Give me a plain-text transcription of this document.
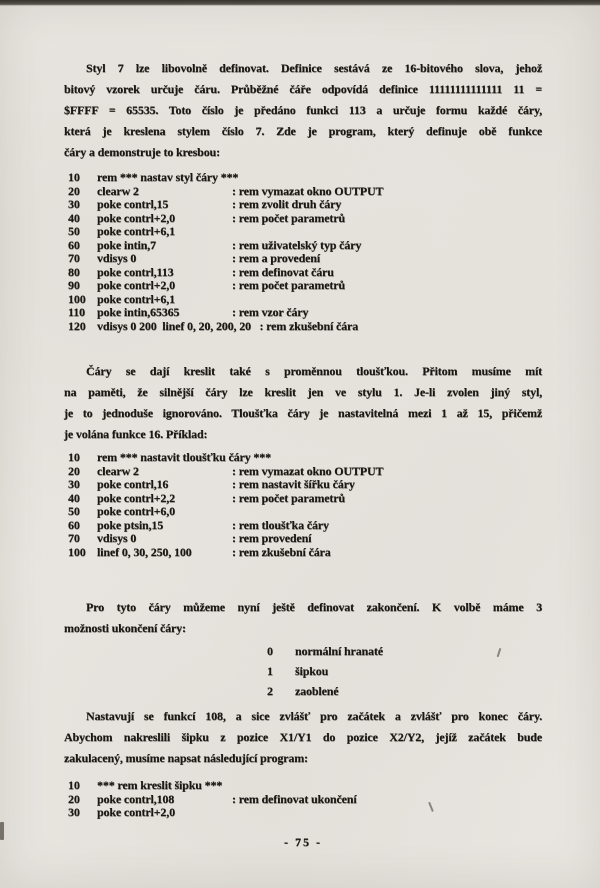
Styl 7 lze libovolně definovat. Definice sestává ze 16-bitového slova, jehož
bitový vzorek určuje čáru. Průběžné čáře odpovídá definice 11111111111111 11 =
$FFFF = 65535. Toto číslo je předáno funkci 113 a určuje formu každé čáry,
která je kreslena stylem číslo 7. Zde je program, který definuje obě funkce
čáry a demonstruje to kresbou:
10 rem *** nastav styl čáry ***
20 clearw 2	: rem vymazat okno OUTPUT
30 poke contrl,15	: rem zvolit druh čáry
40 poke contrl+2,0	: rem počet parametrů
50 poke contrl+6,1
60 poke intin,7	: rem uživatelský typ čáry
70 vdisys 0	: rem a provedení
80 poke contrl,113	: rem definovat čáru
90 poke contrl+2,0	: rem počet parametrů
100 poke contrl+6,1
110 poke intin,65365	: rem vzor čáry
120 vdisys 0 200  linef 0, 20, 200, 20   : rem zkušební čára
Čáry se dají kreslit také s proměnnou tloušťkou. Přitom musíme mít
na paměti, že silnější čáry lze kreslit jen ve stylu 1. Je-li zvolen jiný styl,
je to jednoduše ignorováno. Tloušťka čáry je nastavitelná mezi 1 až 15, přičemž
je volána funkce 16. Příklad:
10 rem *** nastavit tloušťku čáry ***
20 clearw 2	: rem vymazat okno OUTPUT
30 poke contrl,16	: rem nastavit šířku čáry
40 poke contrl+2,2	: rem počet parametrů
50 poke contrl+6,0
60 poke ptsin,15	: rem tloušťka čáry
70 vdisys 0	: rem provedení
100 linef 0, 30, 250, 100	: rem zkušební čára
Pro tyto čáry můžeme nyní ještě definovat zakončení. K volbě máme 3
možnosti ukončení čáry:
0 normální hranaté
1 šipkou
2 zaoblené
Nastavují se funkcí 108, a sice zvlášť pro začátek a zvlášť pro konec čáry.
Abychom nakreslili šipku z pozice X1/Y1 do pozice X2/Y2, jejíž začátek bude
zakulacený, musíme napsat následující program:
10 *** rem kreslit šipku ***
20 poke contrl,108	: rem definovat ukončení
30 poke contrl+2,0
- 75 -
